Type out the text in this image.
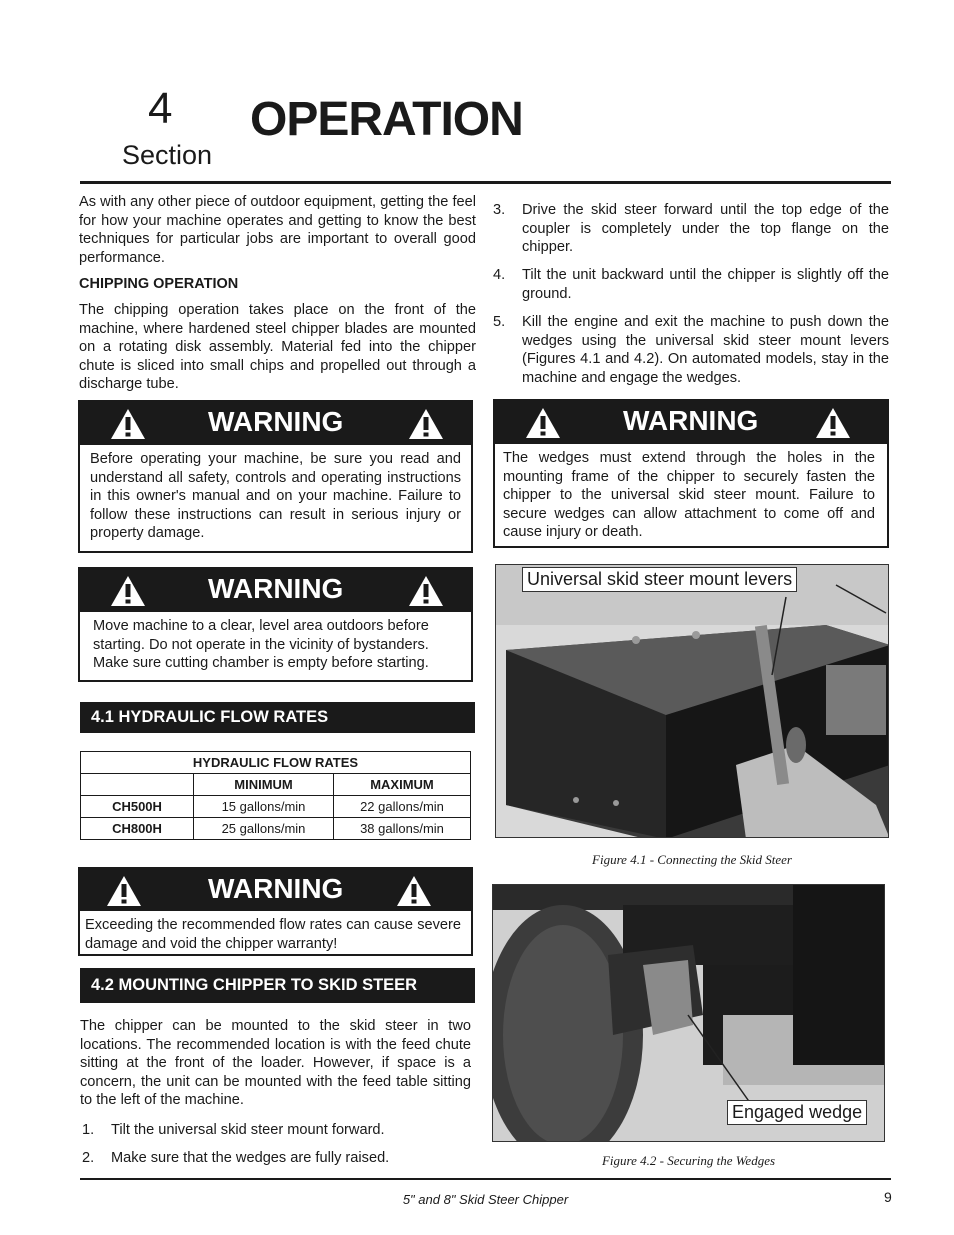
4
Section
OPERATION
As with any other piece of outdoor equipment, getting the feel for how your machine operates and getting to know the best techniques for particular jobs are important to overall good performance.
CHIPPING OPERATION
The chipping operation takes place on the front of the machine, where hardened steel chipper blades are mounted on a rotating disk assembly. Material fed into the chipper chute is sliced into small chips and propelled out through a discharge tube.
WARNING
Before operating your machine, be sure you read and understand all safety, controls and operating instructions in this owner's manual and on your machine. Failure to follow these instructions can result in serious injury or property damage.
WARNING
Move machine to a clear, level area outdoors before starting. Do not operate in the vicinity of bystanders. Make sure cutting chamber is empty before starting.
4.1 HYDRAULIC FLOW RATES
HYDRAULIC FLOW RATES		
	MINIMUM	MAXIMUM
CH500H	15 gallons/min	22 gallons/min
CH800H	25 gallons/min	38 gallons/min
WARNING
Exceeding the recommended flow rates can cause severe damage and void the chipper warranty!
4.2 MOUNTING CHIPPER TO SKID STEER
The chipper can be mounted to the skid steer in two locations. The recommended location is with the feed chute sitting at the front of the loader. However, if space is a concern, the unit can be mounted with the feed table sitting to the left of the machine.
1. Tilt the universal skid steer mount forward.
2. Make sure that the wedges are fully raised.
3. Drive the skid steer forward until the top edge of the coupler is completely under the top flange on the chipper.
4. Tilt the unit backward until the chipper is slightly off the ground.
5. Kill the engine and exit the machine to push down the wedges using the universal skid steer mount levers (Figures 4.1 and 4.2). On automated models, stay in the machine and engage the wedges.
WARNING
The wedges must extend through the holes in the mounting frame of the chipper to securely fasten the chipper to the universal skid steer mount. Failure to secure wedges can allow attachment to come off and cause injury or death.
Universal skid steer mount levers
Figure 4.1 - Connecting the Skid Steer
Engaged wedge
Figure 4.2 - Securing the Wedges
5" and 8" Skid Steer Chipper	9
